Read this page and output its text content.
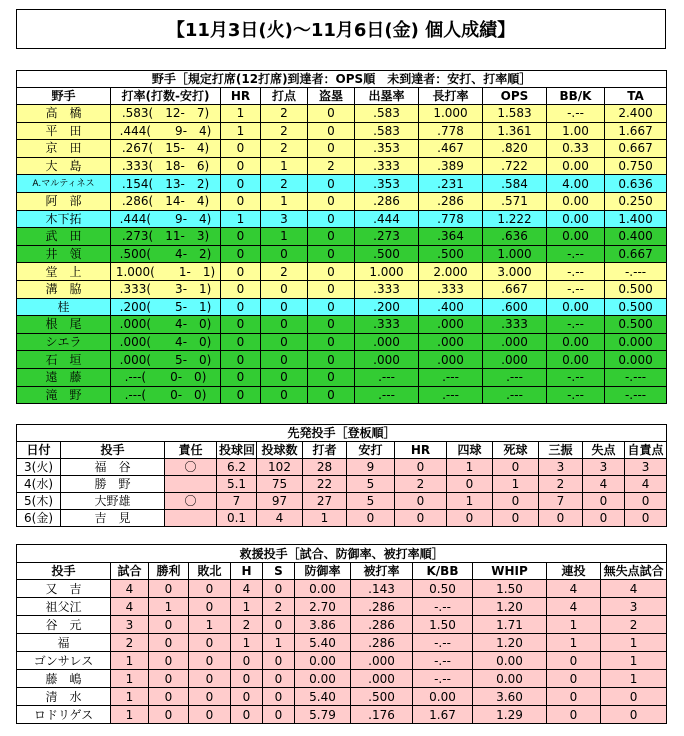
【11月3日(火)～11月6日(金) 個人成績】
野手［規定打席(12打席)到達者：OPS順　未到達者：安打、打率順］									
野手	打率(打数-安打)	HR	打点	盗塁	出塁率	長打率	OPS	BB/K	TA
高　橋	.583(　12-　7)	1	2	0	.583	1.000	1.583	-.--	2.400
平　田	.444(　　9-　4)	1	2	0	.583	.778	1.361	1.00	1.667
京　田	.267(　15-　4)	0	2	0	.353	.467	.820	0.33	0.667
大　島	.333(　18-　6)	0	1	2	.333	.389	.722	0.00	0.750
A.マルティネス	.154(　13-　2)	0	2	0	.353	.231	.584	4.00	0.636
阿　部	.286(　14-　4)	0	1	0	.286	.286	.571	0.00	0.250
木下拓	.444(　　9-　4)	1	3	0	.444	.778	1.222	0.00	1.400
武　田	.273(　11-　3)	0	1	0	.273	.364	.636	0.00	0.400
井　領	.500(　　4-　2)	0	0	0	.500	.500	1.000	-.--	0.667
堂　上	1.000(　　1-　1)	0	2	0	1.000	2.000	3.000	-.--	-.---
溝　脇	.333(　　3-　1)	0	0	0	.333	.333	.667	-.--	0.500
桂	.200(　　5-　1)	0	0	0	.200	.400	.600	0.00	0.500
根　尾	.000(　　4-　0)	0	0	0	.333	.000	.333	-.--	0.500
シエラ	.000(　　4-　0)	0	0	0	.000	.000	.000	0.00	0.000
石　垣	.000(　　5-　0)	0	0	0	.000	.000	.000	0.00	0.000
遠　藤	.---(　　0-　0)	0	0	0	.---	.---	.---	-.--	-.---
滝　野	.---(　　0-　0)	0	0	0	.---	.---	.---	-.--	-.---
先発投手［登板順］												
日付	投手	責任	投球回	投球数	打者	安打	HR	四球	死球	三振	失点	自責点
3(火)	福　谷	〇	6.2	102	28	9	0	1	0	3	3	3
4(水)	勝　野		5.1	75	22	5	2	0	1	2	4	4
5(木)	大野雄	〇	7	97	27	5	0	1	0	7	0	0
6(金)	吉　見		0.1	4	1	0	0	0	0	0	0	0
救援投手［試合、防御率、被打率順］											
投手	試合	勝利	敗北	H	S	防御率	被打率	K/BB	WHIP	連投	無失点試合
又　吉	4	0	0	4	0	0.00	.143	0.50	1.50	4	4
祖父江	4	1	0	1	2	2.70	.286	-.--	1.20	4	3
谷　元	3	0	1	2	0	3.86	.286	1.50	1.71	1	2
福	2	0	0	1	1	5.40	.286	-.--	1.20	1	1
ゴンサレス	1	0	0	0	0	0.00	.000	-.--	0.00	0	1
藤　嶋	1	0	0	0	0	0.00	.000	-.--	0.00	0	1
清　水	1	0	0	0	0	5.40	.500	0.00	3.60	0	0
ロドリゲス	1	0	0	0	0	5.79	.176	1.67	1.29	0	0
